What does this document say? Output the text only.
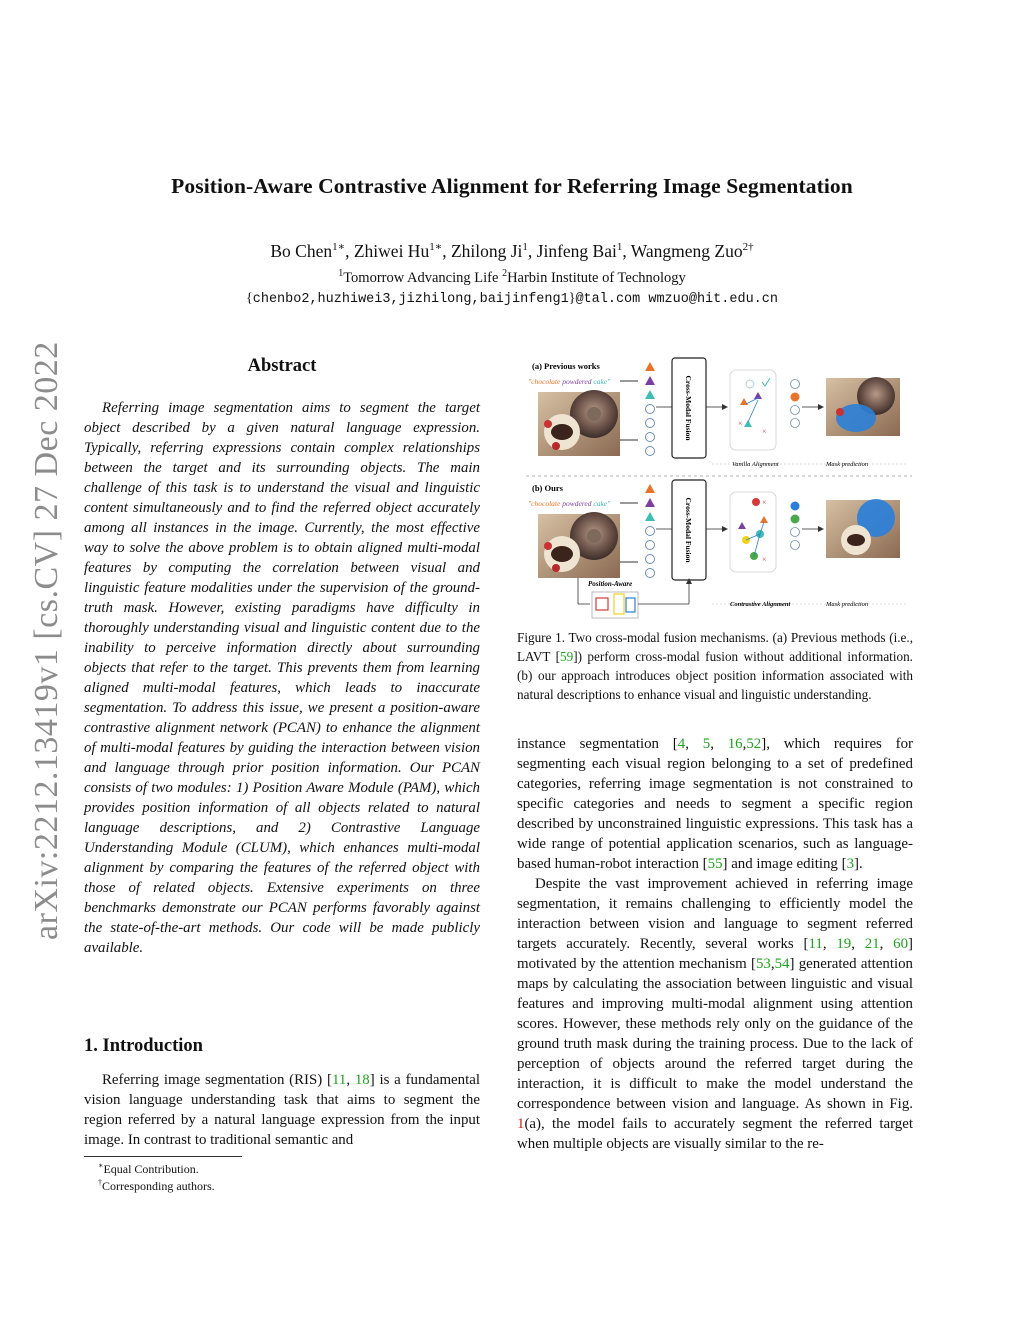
Position-Aware Contrastive Alignment for Referring Image Segmentation
Bo Chen$^{1∗}$, Zhiwei $Hu^{1∗}$, Zhilong Ji$^1$, Jinfeng Bai$^1$, Wangmeng Zuo$^{2\dagger}$
$^1$Tomorrow Advancing Life $^2$Harbin Institute of Technology
{chenbo2,huzhiwei3,jizhilong,baijinfeng1}@tal.com wmzuo@hit.edu.cn
arXiv:2212.13419v1 [cs.CV] 27 Dec 2022	Abstract
Referring image segmentation aims to segment the target object described by a given natural language expression. Typically, referring expressions contain complex relationships between the target and its surrounding objects. The main challenge of this task is to understand the visual and linguistic content simultaneously and to find the referred object accurately among all instances in the image. Currently, the most effective way to solve the above problem is to obtain aligned multi-modal features by computing the correlation between visual and linguistic feature modalities under the supervision of the ground-truth mask. However, existing paradigms have difficulty in thoroughly understanding visual and linguistic content due to the inability to perceive information directly about surrounding objects that refer to the target. This prevents them from learning aligned multi-modal features, which leads to inaccurate segmentation. To address this issue, we present a position-aware contrastive alignment network (PCAN) to enhance the alignment of multi-modal features by guiding the interaction between vision and language through prior position information. Our PCAN consists of two modules: 1) Position Aware Module (PAM), which provides position information of all objects related to natural language descriptions, and 2) Contrastive Language Understanding Module (CLUM), which enhances multi-modal alignment by comparing the features of the referred object with those of related objects. Extensive experiments on three benchmarks demonstrate our PCAN performs favorably against the state-of-the-art methods. Our code will be made publicly available.
1. Introduction
Referring image segmentation (RIS) [11, 18] is a fundamental vision language understanding task that aims to segment the region referred by a natural language expression from the input image. In contrast to traditional semantic and
∗Equal Contribution.
†Corresponding authors.
(a) Previous works
"chocolate powdered cake"	Cross-Modal Fusion	×
×
Vanilla Alignment	Mask prediction
(b) Ours
"chocolate powdered cake"	Cross-Modal Fusion	×
×
Position-Aware
Contrastive Alignment	Mask prediction
Figure 1. Two cross-modal fusion mechanisms. (a) Previous methods (i.e., LAVT [59]) perform cross-modal fusion without additional information. (b) our approach introduces object position information associated with natural descriptions to enhance visual and linguistic understanding.

instance segmentation [4, 5, 16,52], which requires for segmenting each visual region belonging to a set of predefined categories, referring image segmentation is not constrained to specific categories and needs to segment a specific region described by unconstrained linguistic expressions. This task has a wide range of potential application scenarios, such as language-based human-robot interaction [55] and image editing [3].

Despite the vast improvement achieved in referring image segmentation, it remains challenging to efficiently model the interaction between vision and language to segment referred targets accurately. Recently, several works [11, 19, 21, 60] motivated by the attention mechanism [53,54] generated attention maps by calculating the association between linguistic and visual features and improving multi-modal alignment using attention scores. However, these methods rely only on the guidance of the ground truth mask during the training process. Due to the lack of perception of objects around the referred target during the interaction, it is difficult to make the model understand the correspondence between vision and language. As shown in Fig. 1(a), the model fails to accurately segment the referred target when multiple objects are visually similar to the re-
